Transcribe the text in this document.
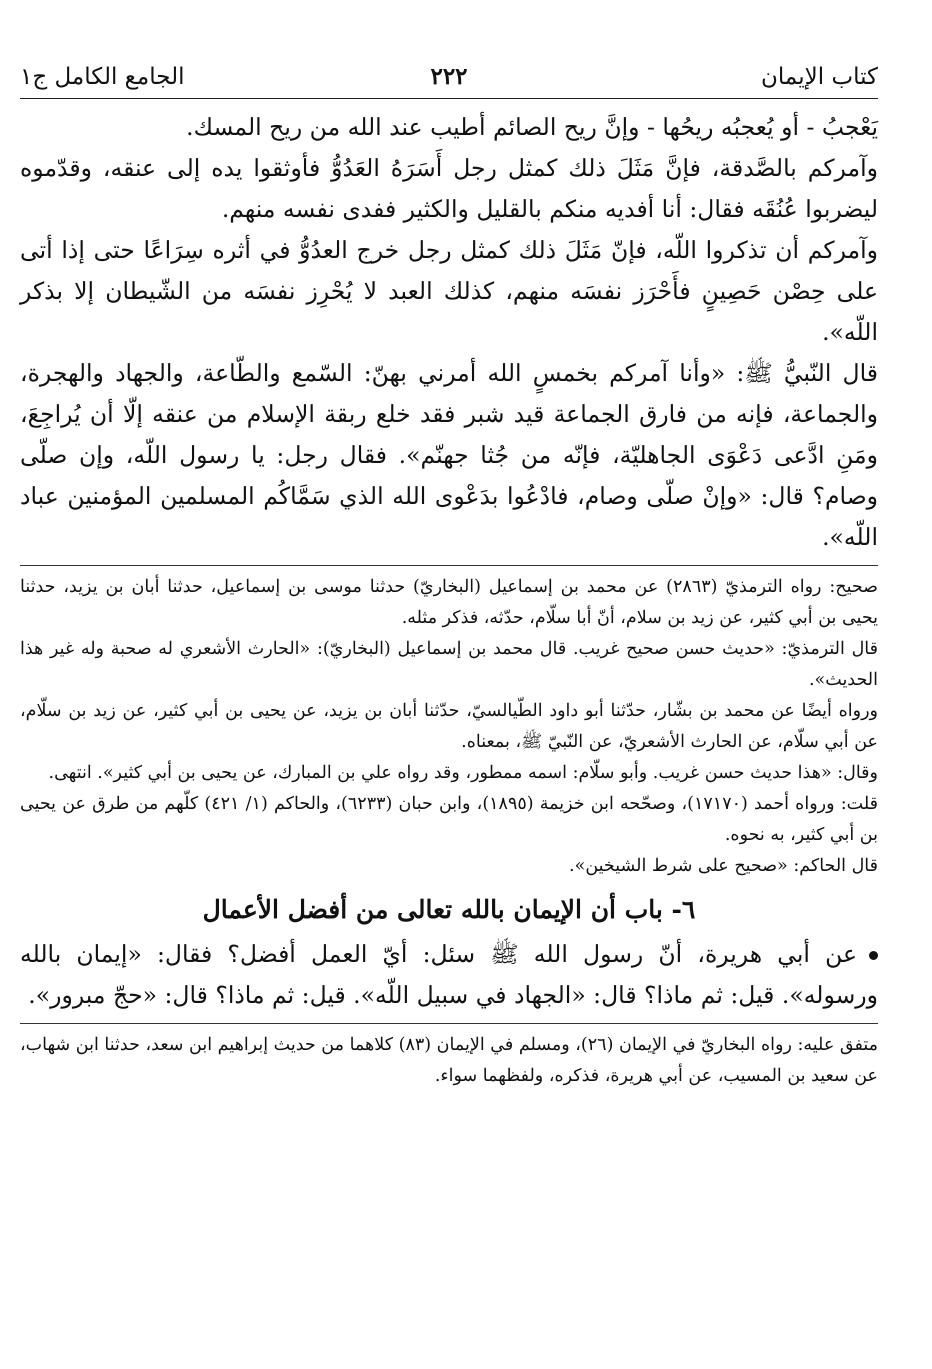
كتاب الإيمان
٢٢٢
الجامع الكامل ج١

يَعْجبُ - أو يُعجبُه ريحُها - وإنَّ ريح الصائم أطيب عند الله من ريح المسك.

وآمركم بالصَّدقة، فإنَّ مَثَلَ ذلك كمثل رجل أَسَرَهُ العَدُوُّ فأوثقوا يده إلى عنقه، وقدّموه ليضربوا عُنُقَه فقال: أنا أفديه منكم بالقليل والكثير ففدى نفسه منهم.

وآمركم أن تذكروا اللّه، فإنّ مَثَلَ ذلك كمثل رجل خرج العدُوُّ في أثره سِرَاعًا حتى إذا أتى على حِصْن حَصِينٍ فأَحْرَز نفسَه منهم، كذلك العبد لا يُحْرِز نفسَه من الشّيطان إلا بذكر اللّه».

قال النّبيُّ ﷺ: «وأنا آمركم بخمسٍ الله أمرني بهنّ: السّمع والطّاعة، والجهاد والهجرة، والجماعة، فإنه من فارق الجماعة قيد شبر فقد خلع ربقة الإسلام من عنقه إلّا أن يُراجِعَ، ومَنِ ادَّعى دَعْوَى الجاهليّة، فإنّه من جُثا جهنّم». فقال رجل: يا رسول اللّه، وإن صلّى وصام؟ قال: «وإنْ صلّى وصام، فادْعُوا بدَعْوى الله الذي سَمَّاكُم المسلمين المؤمنين عباد اللّه».

صحيح: رواه الترمذيّ (٢٨٦٣) عن محمد بن إسماعيل (البخاريّ) حدثنا موسى بن إسماعيل، حدثنا أبان بن يزيد، حدثنا يحيى بن أبي كثير، عن زيد بن سلام، أنّ أبا سلّام، حدّثه، فذكر مثله.

قال الترمذيّ: «حديث حسن صحيح غريب. قال محمد بن إسماعيل (البخاريّ): «الحارث الأشعري له صحبة وله غير هذا الحديث».

ورواه أيضًا عن محمد بن بشّار، حدّثنا أبو داود الطّيالسيّ، حدّثنا أبان بن يزيد، عن يحيى بن أبي كثير، عن زيد بن سلّام، عن أبي سلّام، عن الحارث الأشعريّ، عن النّبيّ ﷺ، بمعناه.

وقال: «هذا حديث حسن غريب. وأبو سلّام: اسمه ممطور، وقد رواه علي بن المبارك، عن يحيى بن أبي كثير». انتهى.

قلت: ورواه أحمد (١٧١٧٠)، وصحّحه ابن خزيمة (١٨٩٥)، وابن حبان (٦٢٣٣)، والحاكم (١/ ٤٢١) كلّهم من طرق عن يحيى بن أبي كثير، به نحوه.

قال الحاكم: «صحيح على شرط الشيخين».

٦- باب أن الإيمان بالله تعالى من أفضل الأعمال

عن أبي هريرة، أنّ رسول الله ﷺ سئل: أيّ العمل أفضل؟ فقال: «إيمان بالله ورسوله». قيل: ثم ماذا؟ قال: «الجهاد في سبيل اللّه». قيل: ثم ماذا؟ قال: «حجّ مبرور».

متفق عليه: رواه البخاريّ في الإيمان (٢٦)، ومسلم في الإيمان (٨٣) كلاهما من حديث إبراهيم ابن سعد، حدثنا ابن شهاب، عن سعيد بن المسيب، عن أبي هريرة، فذكره، ولفظهما سواء.
